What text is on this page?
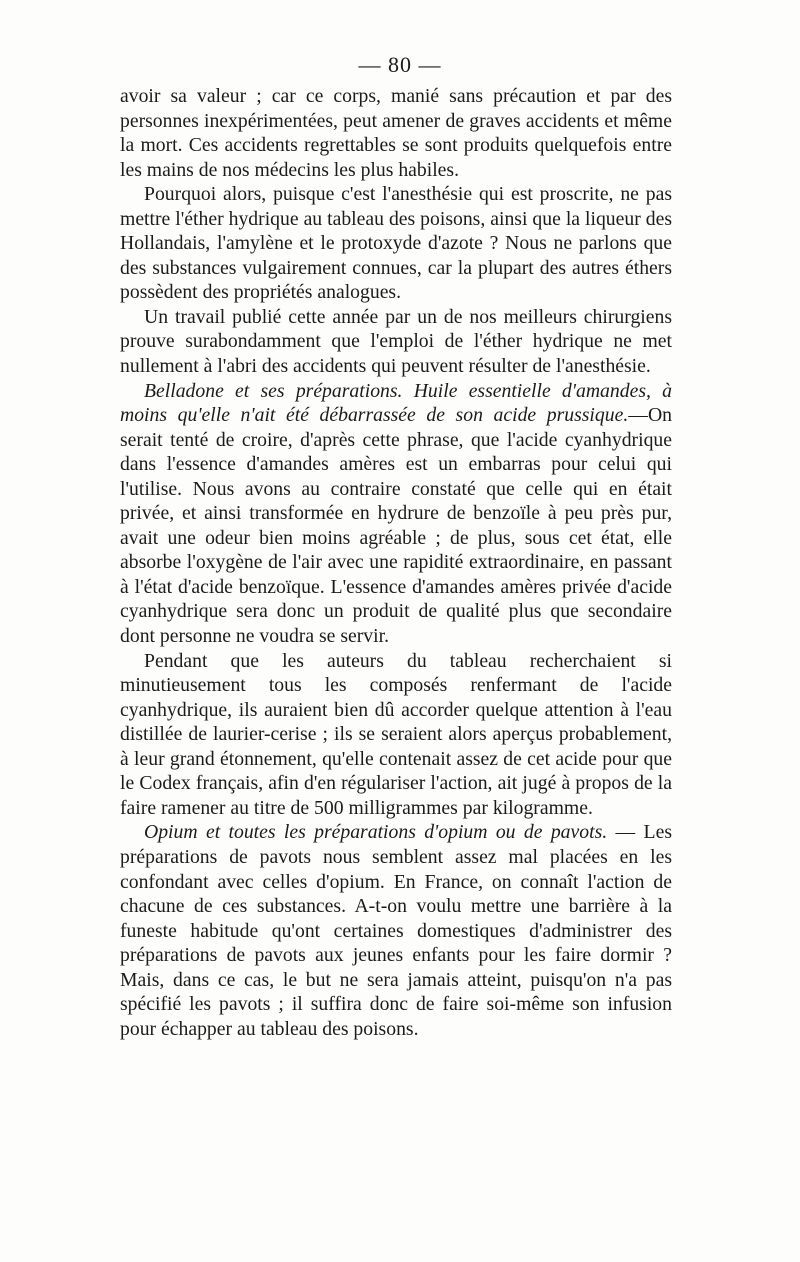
— 80 —

avoir sa valeur ; car ce corps, manié sans précaution et par des personnes inexpérimentées, peut amener de graves accidents et même la mort. Ces accidents regrettables se sont produits quelquefois entre les mains de nos médecins les plus habiles.

Pourquoi alors, puisque c'est l'anesthésie qui est proscrite, ne pas mettre l'éther hydrique au tableau des poisons, ainsi que la liqueur des Hollandais, l'amylène et le protoxyde d'azote ? Nous ne parlons que des substances vulgairement connues, car la plupart des autres éthers possèdent des propriétés analogues.

Un travail publié cette année par un de nos meilleurs chirurgiens prouve surabondamment que l'emploi de l'éther hydrique ne met nullement à l'abri des accidents qui peuvent résulter de l'anesthésie.

Belladone et ses préparations. Huile essentielle d'amandes, à moins qu'elle n'ait été débarrassée de son acide prussique.—On serait tenté de croire, d'après cette phrase, que l'acide cyanhydrique dans l'essence d'amandes amères est un embarras pour celui qui l'utilise. Nous avons au contraire constaté que celle qui en était privée, et ainsi transformée en hydrure de benzoïle à peu près pur, avait une odeur bien moins agréable ; de plus, sous cet état, elle absorbe l'oxygène de l'air avec une rapidité extraordinaire, en passant à l'état d'acide benzoïque. L'essence d'amandes amères privée d'acide cyanhydrique sera donc un produit de qualité plus que secondaire dont personne ne voudra se servir.

Pendant que les auteurs du tableau recherchaient si minutieusement tous les composés renfermant de l'acide cyanhydrique, ils auraient bien dû accorder quelque attention à l'eau distillée de laurier-cerise ; ils se seraient alors aperçus probablement, à leur grand étonnement, qu'elle contenait assez de cet acide pour que le Codex français, afin d'en régulariser l'action, ait jugé à propos de la faire ramener au titre de 500 milligrammes par kilogramme.

Opium et toutes les préparations d'opium ou de pavots. — Les préparations de pavots nous semblent assez mal placées en les confondant avec celles d'opium. En France, on connaît l'action de chacune de ces substances. A-t-on voulu mettre une barrière à la funeste habitude qu'ont certaines domestiques d'administrer des préparations de pavots aux jeunes enfants pour les faire dormir ? Mais, dans ce cas, le but ne sera jamais atteint, puisqu'on n'a pas spécifié les pavots ; il suffira donc de faire soi-même son infusion pour échapper au tableau des poisons.
